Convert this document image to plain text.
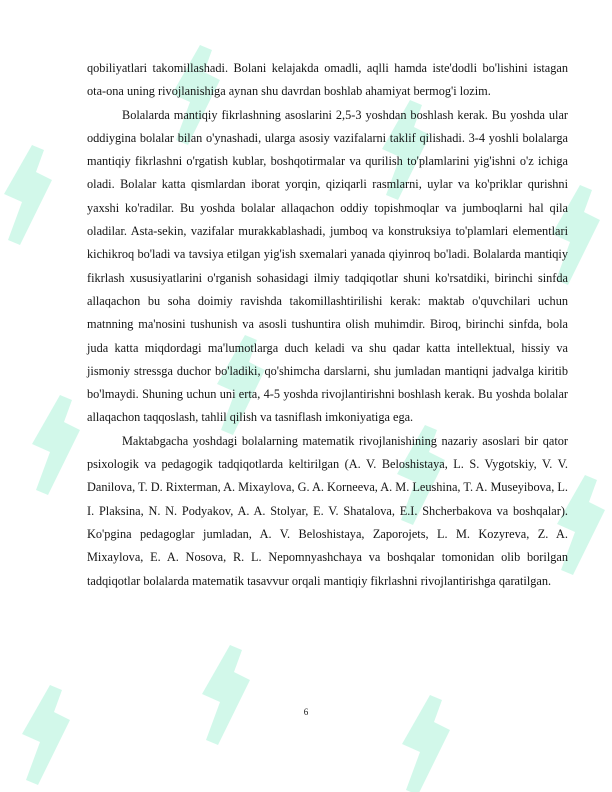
qobiliyatlari takomillashadi. Bolani kelajakda omadli, aqlli hamda iste'dodli bo'lishini istagan ota-ona uning rivojlanishiga aynan shu davrdan boshlab ahamiyat bermog'i lozim.

Bolalarda mantiqiy fikrlashning asoslarini 2,5-3 yoshdan boshlash kerak. Bu yoshda ular oddiygina bolalar bilan o'ynashadi, ularga asosiy vazifalarni taklif qilishadi. 3-4 yoshli bolalarga mantiqiy fikrlashni o'rgatish kublar, boshqotirmalar va qurilish to'plamlarini yig'ishni o'z ichiga oladi. Bolalar katta qismlardan iborat yorqin, qiziqarli rasmlarni, uylar va ko'priklar qurishni yaxshi ko'radilar. Bu yoshda bolalar allaqachon oddiy topishmoqlar va jumboqlarni hal qila oladilar. Asta-sekin, vazifalar murakkablashadi, jumboq va konstruksiya to'plamlari elementlari kichikroq bo'ladi va tavsiya etilgan yig'ish sxemalari yanada qiyinroq bo'ladi. Bolalarda mantiqiy fikrlash xususiyatlarini o'rganish sohasidagi ilmiy tadqiqotlar shuni ko'rsatdiki, birinchi sinfda allaqachon bu soha doimiy ravishda takomillashtirilishi kerak: maktab o'quvchilari uchun matnning ma'nosini tushunish va asosli tushuntira olish muhimdir. Biroq, birinchi sinfda, bola juda katta miqdordagi ma'lumotlarga duch keladi va shu qadar katta intellektual, hissiy va jismoniy stressga duchor bo'ladiki, qo'shimcha darslarni, shu jumladan mantiqni jadvalga kiritib bo'lmaydi. Shuning uchun uni erta, 4-5 yoshda rivojlantirishni boshlash kerak. Bu yoshda bolalar allaqachon taqqoslash, tahlil qilish va tasniflash imkoniyatiga ega.

Maktabgacha yoshdagi bolalarning matematik rivojlanishining nazariy asoslari bir qator psixologik va pedagogik tadqiqotlarda keltirilgan (A. V. Beloshistaya, L. S. Vygotskiy, V. V. Danilova, T. D. Rixterman, A. Mixaylova, G. A. Korneeva, A. M. Leushina, T. A. Museyibova, L. I. Plaksina, N. N. Podyakov, A. A. Stolyar, E. V. Shatalova, E.I. Shcherbakova va boshqalar). Ko'pgina pedagoglar jumladan, A. V. Beloshistaya, Zaporojets, L. M. Kozyreva, Z. A. Mixaylova, E. A. Nosova, R. L. Nepomnyashchaya va boshqalar tomonidan olib borilgan tadqiqotlar bolalarda matematik tasavvur orqali mantiqiy fikrlashni rivojlantirishga qaratilgan.

6
